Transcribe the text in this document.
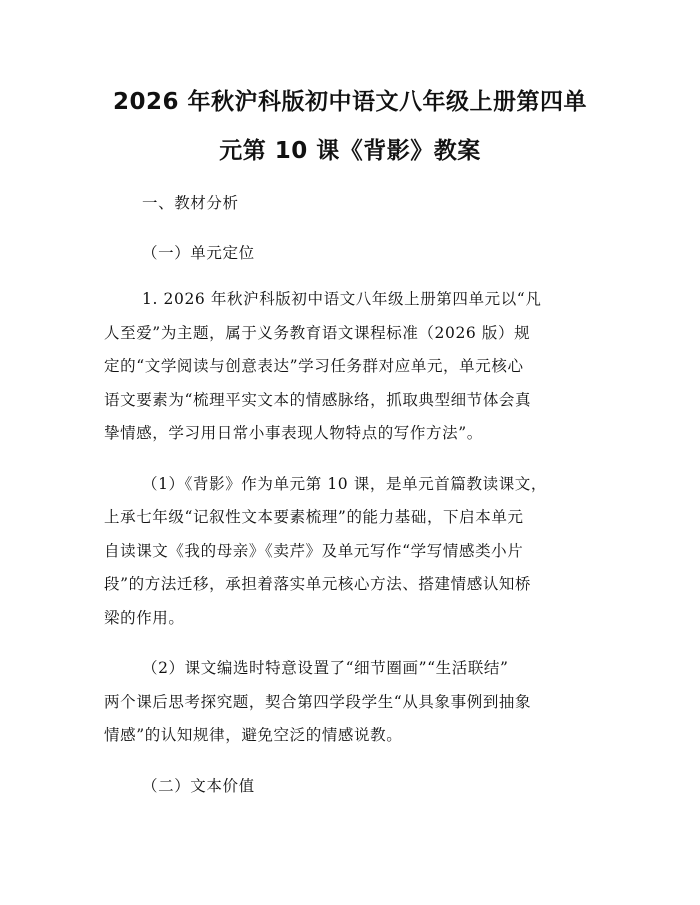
2026 年秋沪科版初中语文八年级上册第四单
元第 10 课《背影》教案
一、教材分析
（一）单元定位
1. 2026 年秋沪科版初中语文八年级上册第四单元以“凡
人至爱”为主题，属于义务教育语文课程标准（2026 版）规
定的“文学阅读与创意表达”学习任务群对应单元，单元核心
语文要素为“梳理平实文本的情感脉络，抓取典型细节体会真
挚情感，学习用日常小事表现人物特点的写作方法”。
（1）《背影》作为单元第 10 课，是单元首篇教读课文，
上承七年级“记叙性文本要素梳理”的能力基础，下启本单元
自读课文《我的母亲》《卖芹》及单元写作“学写情感类小片
段”的方法迁移，承担着落实单元核心方法、搭建情感认知桥
梁的作用。
（2）课文编选时特意设置了“细节圈画”“生活联结”
两个课后思考探究题，契合第四学段学生“从具象事例到抽象
情感”的认知规律，避免空泛的情感说教。
（二）文本价值
